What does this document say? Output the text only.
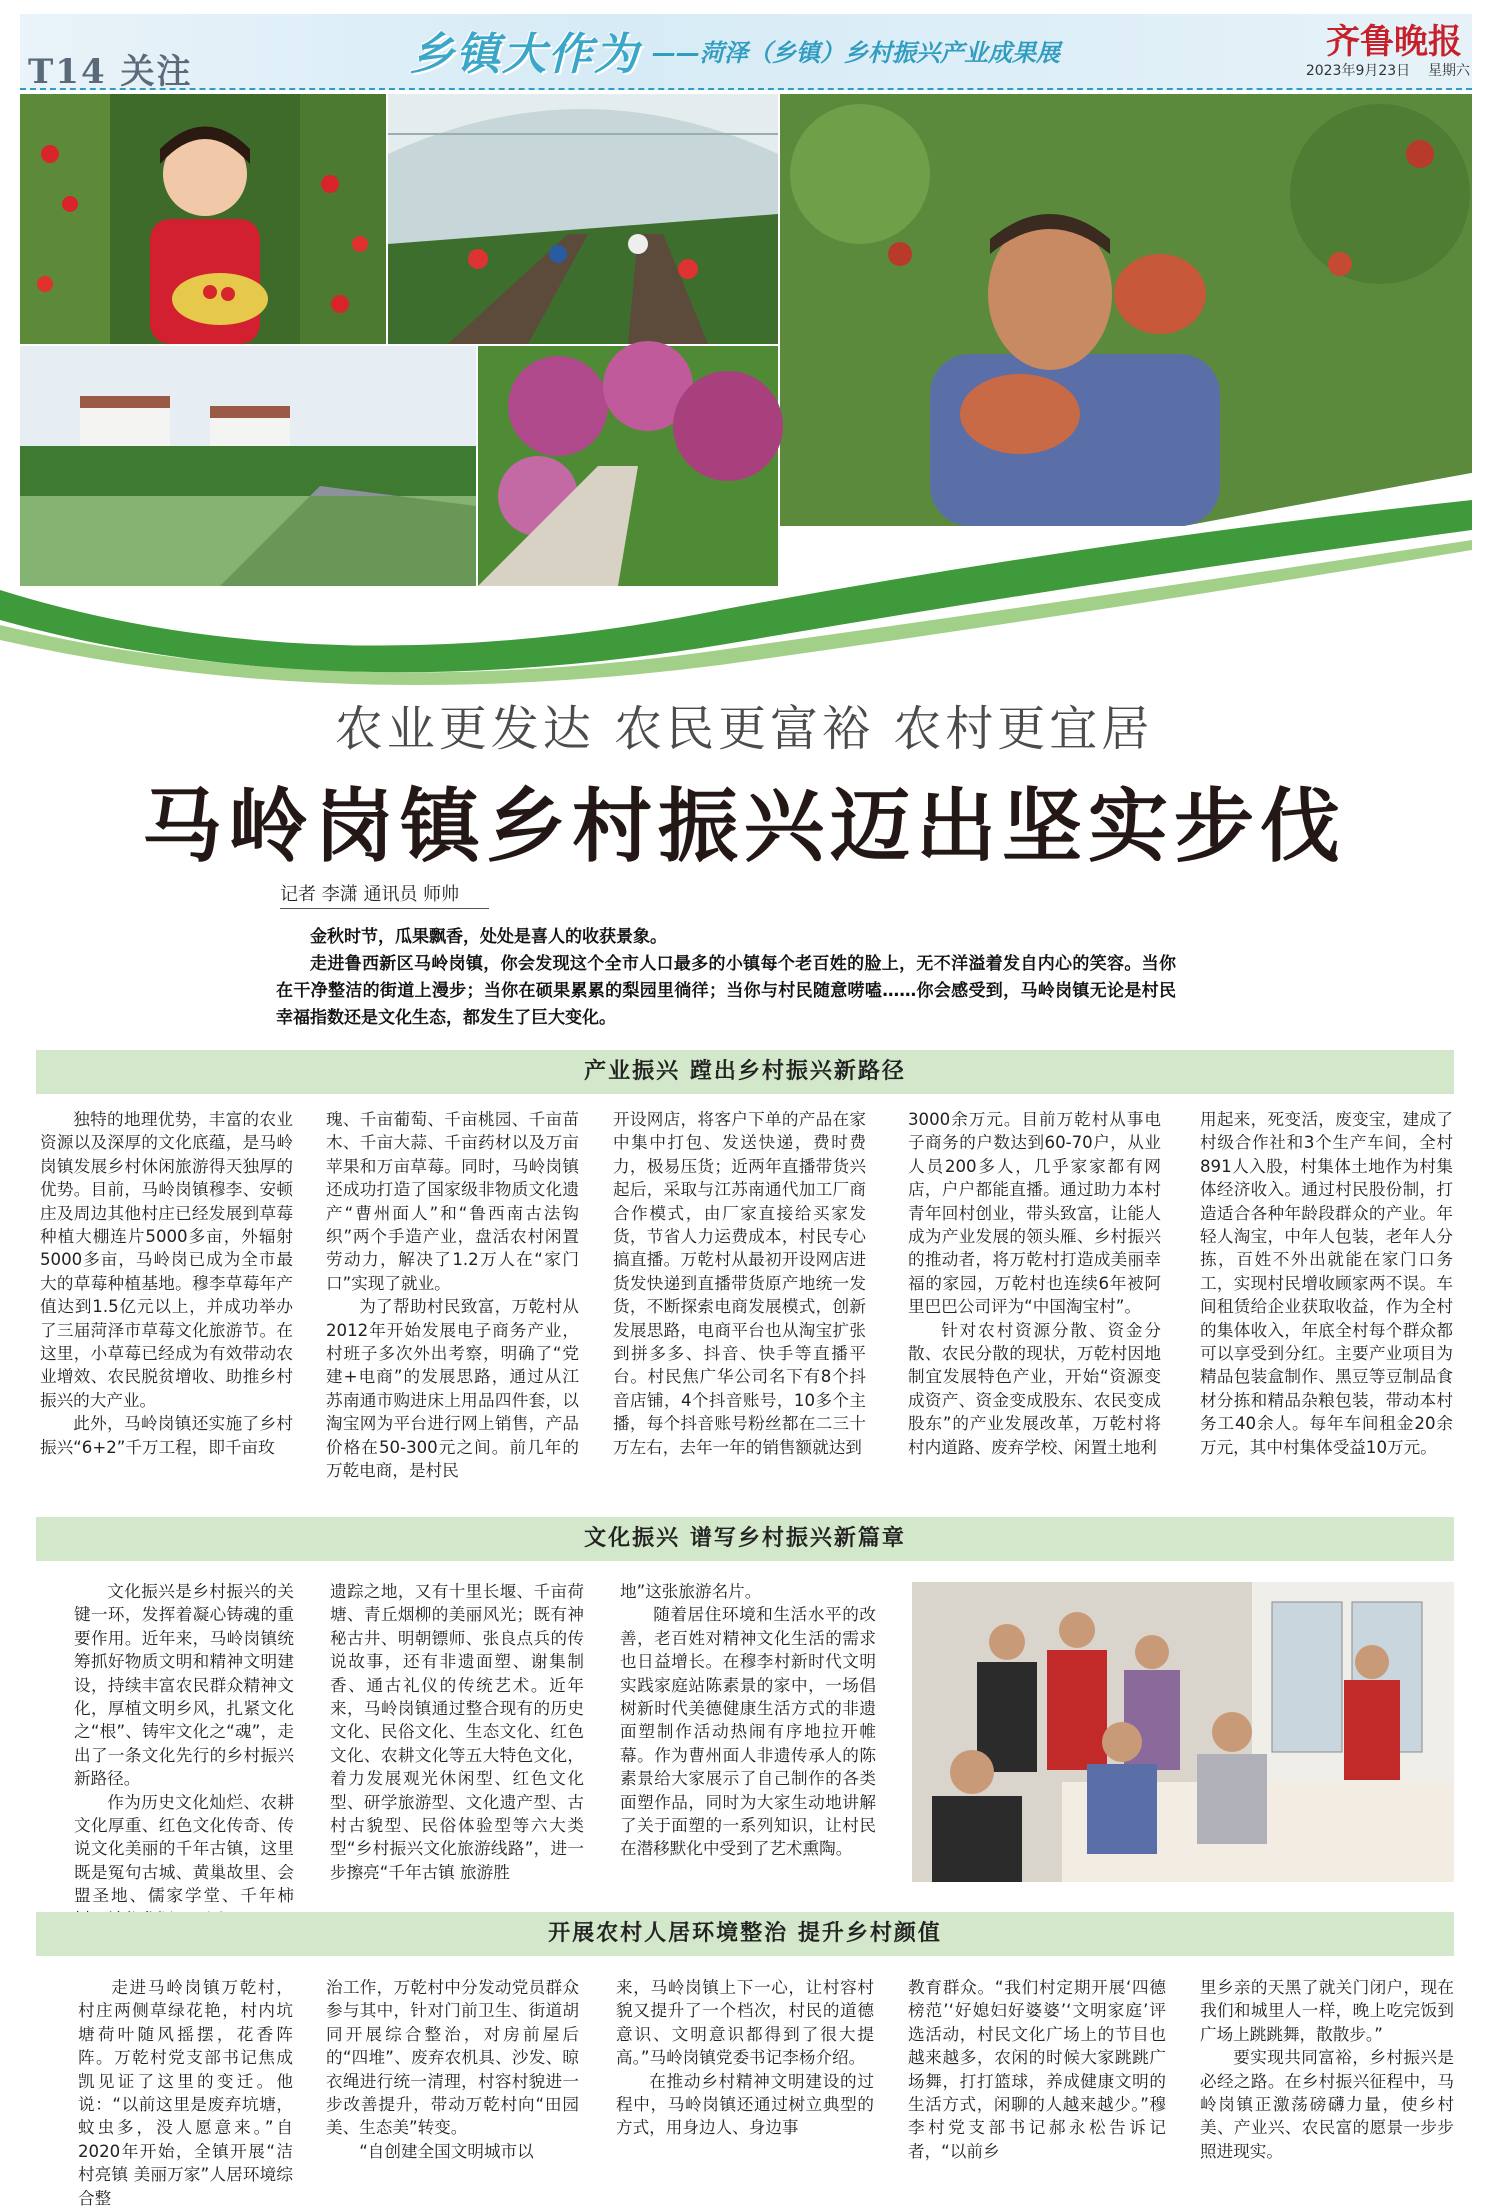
T14 关注	乡镇大作为 ——菏泽（乡镇）乡村振兴产业成果展	齐鲁晚报
2023年9月23日 星期六
农业更发达 农民更富裕 农村更宜居
马岭岗镇乡村振兴迈出坚实步伐
记者 李潇 通讯员 师帅

金秋时节，瓜果飘香，处处是喜人的收获景象。

走进鲁西新区马岭岗镇，你会发现这个全市人口最多的小镇每个老百姓的脸上，无不洋溢着发自内心的笑容。当你在干净整洁的街道上漫步；当你在硕果累累的梨园里徜徉；当你与村民随意唠嗑……你会感受到，马岭岗镇无论是村民幸福指数还是文化生态，都发生了巨大变化。

产业振兴 蹚出乡村振兴新路径

独特的地理优势，丰富的农业资源以及深厚的文化底蕴，是马岭岗镇发展乡村休闲旅游得天独厚的优势。目前，马岭岗镇穆李、安顿庄及周边其他村庄已经发展到草莓种植大棚连片5000多亩，外辐射5000多亩，马岭岗已成为全市最大的草莓种植基地。穆李草莓年产值达到1.5亿元以上，并成功举办了三届菏泽市草莓文化旅游节。在这里，小草莓已经成为有效带动农业增效、农民脱贫增收、助推乡村振兴的大产业。

此外，马岭岗镇还实施了乡村振兴“6+2”千万工程，即千亩玫

瑰、千亩葡萄、千亩桃园、千亩苗木、千亩大蒜、千亩药材以及万亩苹果和万亩草莓。同时，马岭岗镇还成功打造了国家级非物质文化遗产“曹州面人”和“鲁西南古法钩织”两个手造产业，盘活农村闲置劳动力，解决了1.2万人在“家门口”实现了就业。

为了帮助村民致富，万乾村从2012年开始发展电子商务产业，村班子多次外出考察，明确了“党建+电商”的发展思路，通过从江苏南通市购进床上用品四件套，以淘宝网为平台进行网上销售，产品价格在50-300元之间。前几年的万乾电商，是村民

开设网店，将客户下单的产品在家中集中打包、发送快递，费时费力，极易压货；近两年直播带货兴起后，采取与江苏南通代加工厂商合作模式，由厂家直接给买家发货，节省人力运费成本，村民专心搞直播。万乾村从最初开设网店进货发快递到直播带货原产地统一发货，不断探索电商发展模式，创新发展思路，电商平台也从淘宝扩张到拼多多、抖音、快手等直播平台。村民焦广华公司名下有8个抖音店铺，4个抖音账号，10多个主播，每个抖音账号粉丝都在二三十万左右，去年一年的销售额就达到

3000余万元。目前万乾村从事电子商务的户数达到60-70户，从业人员200多人，几乎家家都有网店，户户都能直播。通过助力本村青年回村创业，带头致富，让能人成为产业发展的领头雁、乡村振兴的推动者，将万乾村打造成美丽幸福的家园，万乾村也连续6年被阿里巴巴公司评为“中国淘宝村”。

针对农村资源分散、资金分散、农民分散的现状，万乾村因地制宜发展特色产业，开始“资源变成资产、资金变成股东、农民变成股东”的产业发展改革，万乾村将村内道路、废弃学校、闲置土地利

用起来，死变活，废变宝，建成了村级合作社和3个生产车间，全村891人入股，村集体土地作为村集体经济收入。通过村民股份制，打造适合各种年龄段群众的产业。年轻人淘宝，中年人包装，老年人分拣，百姓不外出就能在家门口务工，实现村民增收顾家两不误。车间租赁给企业获取收益，作为全村的集体收入，年底全村每个群众都可以享受到分红。主要产业项目为精品包装盒制作、黑豆等豆制品食材分拣和精品杂粮包装，带动本村务工40余人。每年车间租金20余万元，其中村集体受益10万元。

文化振兴 谱写乡村振兴新篇章

文化振兴是乡村振兴的关键一环，发挥着凝心铸魂的重要作用。近年来，马岭岗镇统筹抓好物质文明和精神文明建设，持续丰富农民群众精神文化，厚植文明乡风，扎紧文化之“根”、铸牢文化之“魂”，走出了一条文化先行的乡村振兴新路径。

作为历史文化灿烂、农耕文化厚重、红色文化传奇、传说文化美丽的千年古镇，这里既是冤句古城、黄巢故里、会盟圣地、儒家学堂、千年柿

遗踪之地，又有十里长堰、千亩荷塘、青丘烟柳的美丽风光；既有神秘古井、明朝镖师、张良点兵的传说故事，还有非遗面塑、谢集制香、通古礼仪的传统艺术。近年来，马岭岗镇通过整合现有的历史文化、民俗文化、生态文化、红色文化、农耕文化等五大特色文化，着力发展观光休闲型、红色文化型、研学旅游型、文化遗产型、古村古貌型、民俗体验型等六大类型“乡村振兴文化旅游线路”，进一步擦亮“千年古镇 旅游胜

地”这张旅游名片。

随着居住环境和生活水平的改善，老百姓对精神文化生活的需求也日益增长。在穆李村新时代文明实践家庭站陈素景的家中，一场倡树新时代美德健康生活方式的非遗面塑制作活动热闹有序地拉开帷幕。作为曹州面人非遗传承人的陈素景给大家展示了自己制作的各类面塑作品，同时为大家生动地讲解了关于面塑的一系列知识，让村民在潜移默化中受到了艺术熏陶。

开展农村人居环境整治 提升乡村颜值

走进马岭岗镇万乾村，村庄两侧草绿花艳，村内坑塘荷叶随风摇摆，花香阵阵。万乾村党支部书记焦成凯见证了这里的变迁。他说：“以前这里是废弃坑塘，蚊虫多，没人愿意来。”自2020年开始，全镇开展“洁村亮镇 美丽万家”人居环境综合整

治工作，万乾村中分发动党员群众参与其中，针对门前卫生、街道胡同开展综合整治，对房前屋后的“四堆”、废弃农机具、沙发、晾衣绳进行统一清理，村容村貌进一步改善提升，带动万乾村向“田园美、生态美”转变。

“自创建全国文明城市以

来，马岭岗镇上下一心，让村容村貌又提升了一个档次，村民的道德意识、文明意识都得到了很大提高。”马岭岗镇党委书记李杨介绍。

在推动乡村精神文明建设的过程中，马岭岗镇还通过树立典型的方式，用身边人、身边事

教育群众。“我们村定期开展‘四德榜范’‘好媳妇好婆婆’‘文明家庭’评选活动，村民文化广场上的节目也越来越多，农闲的时候大家跳跳广场舞，打打篮球，养成健康文明的生活方式，闲聊的人越来越少。”穆李村党支部书记郝永松告诉记者，“以前乡

里乡亲的天黑了就关门闭户，现在我们和城里人一样，晚上吃完饭到广场上跳跳舞，散散步。”

要实现共同富裕，乡村振兴是必经之路。在乡村振兴征程中，马岭岗镇正激荡磅礴力量，使乡村美、产业兴、农民富的愿景一步步照进现实。
